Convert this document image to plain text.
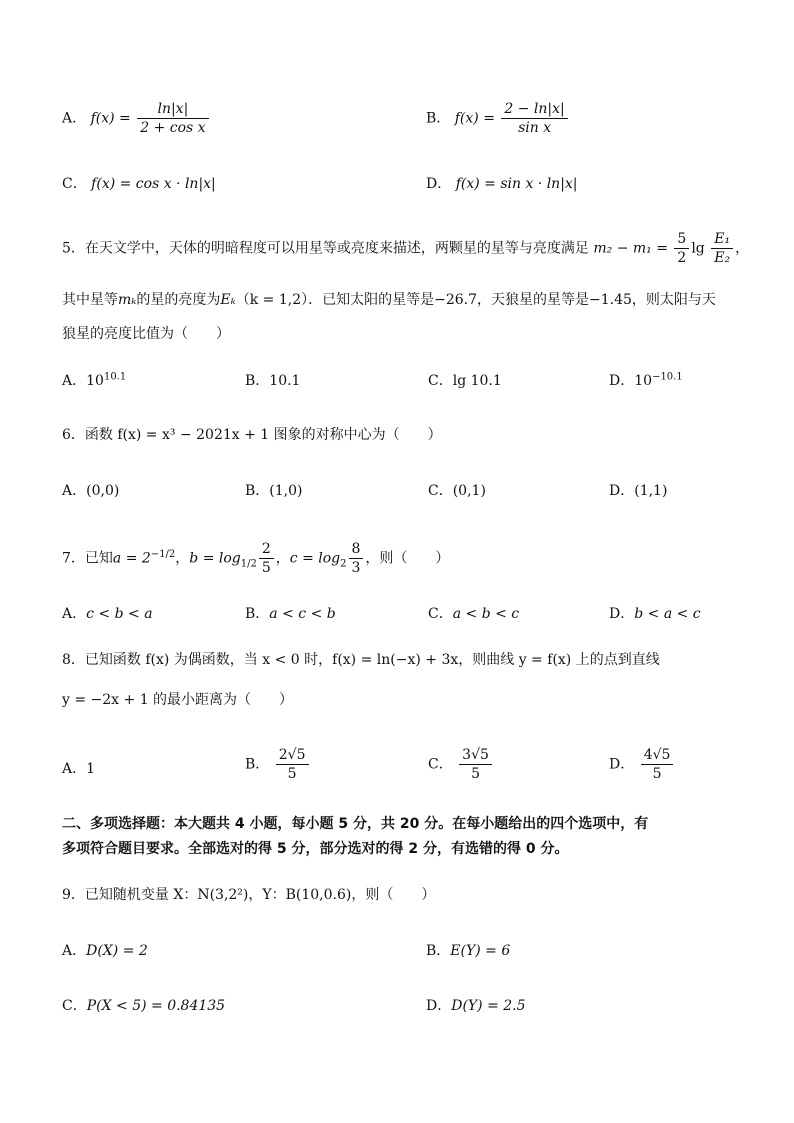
A． $f(x) = \frac{\ln|x|}{\text{2 + cos x}}$	B． $f(x) = \frac{2 - \ln|x|}{\text{sin x}}$
C． f(x) = cos x · ln|x|	D． f(x) = sin x · ln|x|
5．在天文学中，天体的明暗程度可以用星等或亮度来描述，两颗星的星等与亮度满足 $m_2 - m_1 = \frac{5}{2}$ $\lg \frac{\text{E₁}}{\text{E₂}}$ ，
其中星等mₖ的星的亮度为Eₖ（k = 1,2）．已知太阳的星等是−26.7，天狼星的星等是−1.45，则太阳与天
狼星的亮度比值为（　　）
A．$10^{10.1}$	B．10.1	C．lg 10.1	D．$10^{-10.1}$
6．函数 f(x) = x³ − 2021x + 1 图象的对称中心为（　　）
A．(0,0)	B．(1,0)	C．(0,1)	D．(1,1)
7．已知$a = 2^{-1/2}$，$b = \log_{1/2} \frac{2}{5}$ ，$c = \log_2 \frac{8}{3}$ ，则（　　）
A．c < b < a	B．a < c < b	C．a < b < c	D．b < a < c
8．已知函数 f(x) 为偶函数，当 x < 0 时，f(x) = ln(−x) + 3x，则曲线 y = f(x) 上的点到直线
y = −2x + 1 的最小距离为（　　）
A．1	B． $\frac{2√5}{5}$	C． $\frac{3√5}{5}$	D． $\frac{4√5}{5}$
二、多项选择题：本大题共 4 小题，每小题 5 分，共 20 分。在每小题给出的四个选项中，有
多项符合题目要求。全部选对的得 5 分，部分选对的得 2 分，有选错的得 0 分。
9．已知随机变量 X：N(3,2²)，Y：B(10,0.6)，则（　　）
A．D(X) = 2	B．E(Y) = 6
C．P(X < 5) = 0.84135	D．D(Y) = 2.5
